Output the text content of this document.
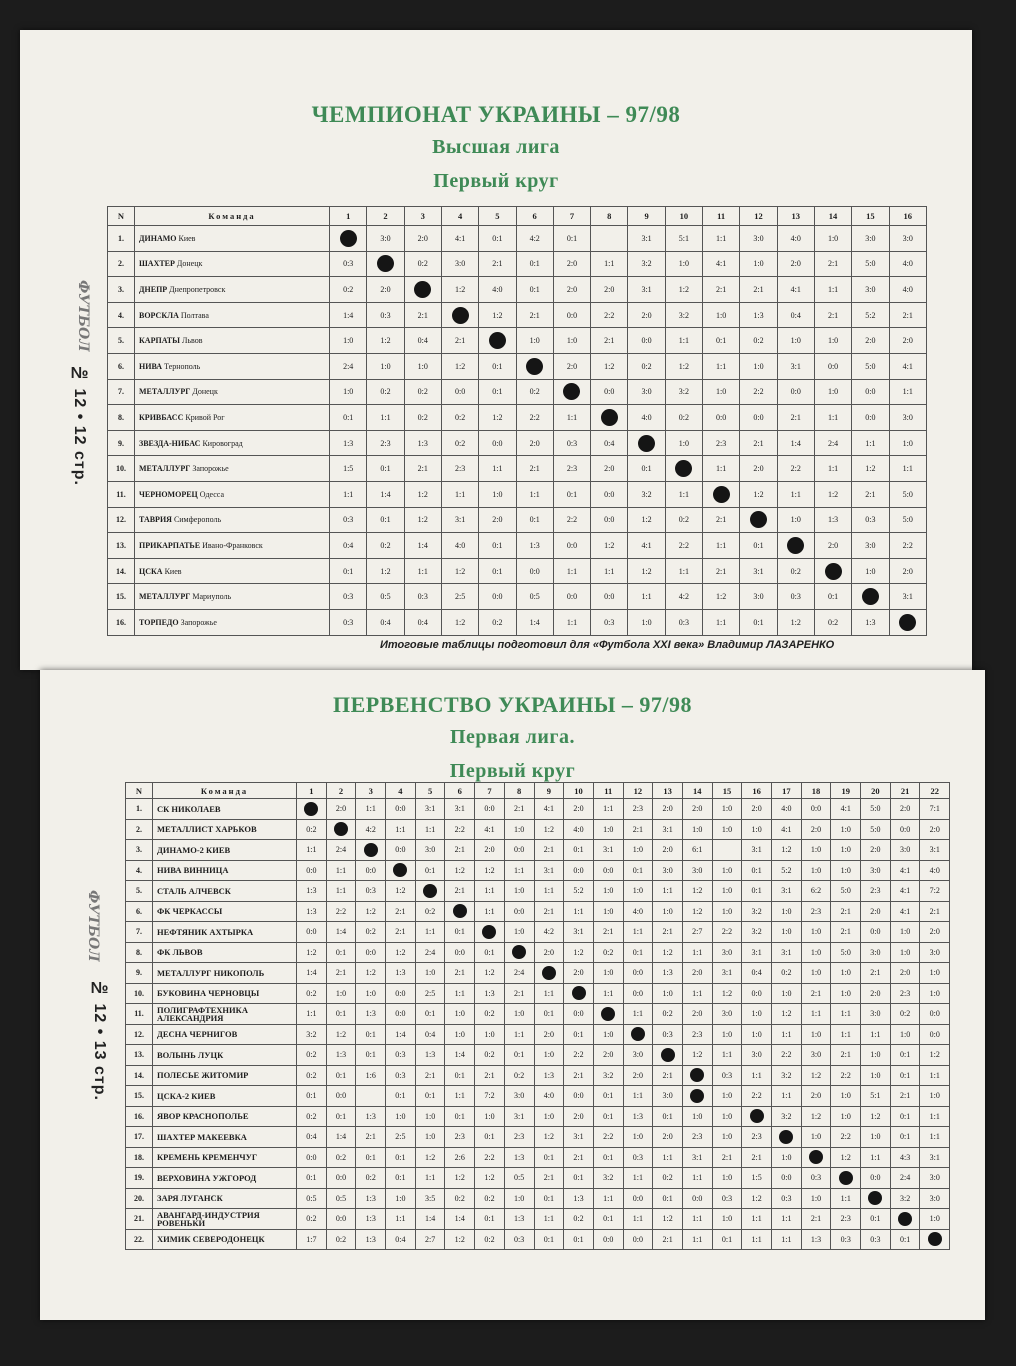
ФУТБОЛ
№ 12 • 12 стр.
ЧЕМПИОНАТ УКРАИНЫ – 97/98
Высшая лига
Первый круг
N	Команда	1	2	3	4	5	6	7	8	9	10	11	12	13	14	15	16
1.	ДИНАМО Киев		3:0	2:0	4:1	0:1	4:2	0:1		3:1	5:1	1:1	3:0	4:0	1:0	3:0	3:0
2.	ШАХТЕР Донецк	0:3		0:2	3:0	2:1	0:1	2:0	1:1	3:2	1:0	4:1	1:0	2:0	2:1	5:0	4:0
3.	ДНЕПР Днепропетровск	0:2	2:0		1:2	4:0	0:1	2:0	2:0	3:1	1:2	2:1	2:1	4:1	1:1	3:0	4:0
4.	ВОРСКЛА Полтава	1:4	0:3	2:1		1:2	2:1	0:0	2:2	2:0	3:2	1:0	1:3	0:4	2:1	5:2	2:1
5.	КАРПАТЫ Львов	1:0	1:2	0:4	2:1		1:0	1:0	2:1	0:0	1:1	0:1	0:2	1:0	1:0	2:0	2:0
6.	НИВА Тернополь	2:4	1:0	1:0	1:2	0:1		2:0	1:2	0:2	1:2	1:1	1:0	3:1	0:0	5:0	4:1
7.	МЕТАЛЛУРГ Донецк	1:0	0:2	0:2	0:0	0:1	0:2		0:0	3:0	3:2	1:0	2:2	0:0	1:0	0:0	1:1
8.	КРИВБАСС Кривой Рог	0:1	1:1	0:2	0:2	1:2	2:2	1:1		4:0	0:2	0:0	0:0	2:1	1:1	0:0	3:0
9.	ЗВЕЗДА-НИБАС Кировоград	1:3	2:3	1:3	0:2	0:0	2:0	0:3	0:4		1:0	2:3	2:1	1:4	2:4	1:1	1:0
10.	МЕТАЛЛУРГ Запорожье	1:5	0:1	2:1	2:3	1:1	2:1	2:3	2:0	0:1		1:1	2:0	2:2	1:1	1:2	1:1
11.	ЧЕРНОМОРЕЦ Одесса	1:1	1:4	1:2	1:1	1:0	1:1	0:1	0:0	3:2	1:1		1:2	1:1	1:2	2:1	5:0
12.	ТАВРИЯ Симферополь	0:3	0:1	1:2	3:1	2:0	0:1	2:2	0:0	1:2	0:2	2:1		1:0	1:3	0:3	5:0
13.	ПРИКАРПАТЬЕ Ивано-Франковск	0:4	0:2	1:4	4:0	0:1	1:3	0:0	1:2	4:1	2:2	1:1	0:1		2:0	3:0	2:2
14.	ЦСКА Киев	0:1	1:2	1:1	1:2	0:1	0:0	1:1	1:1	1:2	1:1	2:1	3:1	0:2		1:0	2:0
15.	МЕТАЛЛУРГ Мариуполь	0:3	0:5	0:3	2:5	0:0	0:5	0:0	0:0	1:1	4:2	1:2	3:0	0:3	0:1		3:1
16.	ТОРПЕДО Запорожье	0:3	0:4	0:4	1:2	0:2	1:4	1:1	0:3	1:0	0:3	1:1	0:1	1:2	0:2	1:3	
Итоговые таблицы подготовил для «Футбола XXI века» Владимир ЛАЗАРЕНКО
ФУТБОЛ
№ 12 • 13 стр.
ПЕРВЕНСТВО УКРАИНЫ – 97/98
Первая лига.
Первый круг
N	Команда	1	2	3	4	5	6	7	8	9	10	11	12	13	14	15	16	17	18	19	20	21	22
1.	СК НИКОЛАЕВ		2:0	1:1	0:0	3:1	3:1	0:0	2:1	4:1	2:0	1:1	2:3	2:0	2:0	1:0	2:0	4:0	0:0	4:1	5:0	2:0	7:1
2.	МЕТАЛЛИСТ ХАРЬКОВ	0:2		4:2	1:1	1:1	2:2	4:1	1:0	1:2	4:0	1:0	2:1	3:1	1:0	1:0	1:0	4:1	2:0	1:0	5:0	0:0	2:0
3.	ДИНАМО-2 КИЕВ	1:1	2:4		0:0	3:0	2:1	2:0	0:0	2:1	0:1	3:1	1:0	2:0	6:1		3:1	1:2	1:0	1:0	2:0	3:0	3:1
4.	НИВА ВИННИЦА	0:0	1:1	0:0		0:1	1:2	1:2	1:1	3:1	0:0	0:0	0:1	3:0	3:0	1:0	0:1	5:2	1:0	1:0	3:0	4:1	4:0
5.	СТАЛЬ АЛЧЕВСК	1:3	1:1	0:3	1:2		2:1	1:1	1:0	1:1	5:2	1:0	1:0	1:1	1:2	1:0	0:1	3:1	6:2	5:0	2:3	4:1	7:2
6.	ФК ЧЕРКАССЫ	1:3	2:2	1:2	2:1	0:2		1:1	0:0	2:1	1:1	1:0	4:0	1:0	1:2	1:0	3:2	1:0	2:3	2:1	2:0	4:1	2:1
7.	НЕФТЯНИК АХТЫРКА	0:0	1:4	0:2	2:1	1:1	0:1		1:0	4:2	3:1	2:1	1:1	2:1	2:7	2:2	3:2	1:0	1:0	2:1	0:0	1:0	2:0
8.	ФК ЛЬВОВ	1:2	0:1	0:0	1:2	2:4	0:0	0:1		2:0	1:2	0:2	0:1	1:2	1:1	3:0	3:1	3:1	1:0	5:0	3:0	1:0	3:0
9.	МЕТАЛЛУРГ НИКОПОЛЬ	1:4	2:1	1:2	1:3	1:0	2:1	1:2	2:4		2:0	1:0	0:0	1:3	2:0	3:1	0:4	0:2	1:0	1:0	2:1	2:0	1:0
10.	БУКОВИНА ЧЕРНОВЦЫ	0:2	1:0	1:0	0:0	2:5	1:1	1:3	2:1	1:1		1:1	0:0	1:0	1:1	1:2	0:0	1:0	2:1	1:0	2:0	2:3	1:0
11.	ПОЛИГРАФТЕХНИКА АЛЕКСАНДРИЯ	1:1	0:1	1:3	0:0	0:1	1:0	0:2	1:0	0:1	0:0		1:1	0:2	2:0	3:0	1:0	1:2	1:1	1:1	3:0	0:2	0:0
12.	ДЕСНА ЧЕРНИГОВ	3:2	1:2	0:1	1:4	0:4	1:0	1:0	1:1	2:0	0:1	1:0		0:3	2:3	1:0	1:0	1:1	1:0	1:1	1:1	1:0	0:0
13.	ВОЛЫНЬ ЛУЦК	0:2	1:3	0:1	0:3	1:3	1:4	0:2	0:1	1:0	2:2	2:0	3:0		1:2	1:1	3:0	2:2	3:0	2:1	1:0	0:1	1:2
14.	ПОЛЕСЬЕ ЖИТОМИР	0:2	0:1	1:6	0:3	2:1	0:1	2:1	0:2	1:3	2:1	3:2	2:0	2:1		0:3	1:1	3:2	1:2	2:2	1:0	0:1	1:1
15.	ЦСКА-2 КИЕВ	0:1	0:0		0:1	0:1	1:1	7:2	3:0	4:0	0:0	0:1	1:1	3:0		1:0	2:2	1:1	2:0	1:0	5:1	2:1	1:0
16.	ЯВОР КРАСНОПОЛЬЕ	0:2	0:1	1:3	1:0	1:0	0:1	1:0	3:1	1:0	2:0	0:1	1:3	0:1	1:0	1:0		3:2	1:2	1:0	1:2	0:1	1:1
17.	ШАХТЕР МАКЕЕВКА	0:4	1:4	2:1	2:5	1:0	2:3	0:1	2:3	1:2	3:1	2:2	1:0	2:0	2:3	1:0	2:3		1:0	2:2	1:0	0:1	1:1
18.	КРЕМЕНЬ КРЕМЕНЧУГ	0:0	0:2	0:1	0:1	1:2	2:6	2:2	1:3	0:1	2:1	0:1	0:3	1:1	3:1	2:1	2:1	1:0		1:2	1:1	4:3	3:1
19.	ВЕРХОВИНА УЖГОРОД	0:1	0:0	0:2	0:1	1:1	1:2	1:2	0:5	2:1	0:1	3:2	1:1	0:2	1:1	1:0	1:5	0:0	0:3		0:0	2:4	3:0
20.	ЗАРЯ ЛУГАНСК	0:5	0:5	1:3	1:0	3:5	0:2	0:2	1:0	0:1	1:3	1:1	0:0	0:1	0:0	0:3	1:2	0:3	1:0	1:1		3:2	3:0
21.	АВАНГАРД-ИНДУСТРИЯ РОВЕНЬКИ	0:2	0:0	1:3	1:1	1:4	1:4	0:1	1:3	1:1	0:2	0:1	1:1	1:2	1:1	1:0	1:1	1:1	2:1	2:3	0:1		1:0
22.	ХИМИК СЕВЕРОДОНЕЦК	1:7	0:2	1:3	0:4	2:7	1:2	0:2	0:3	0:1	0:1	0:0	0:0	2:1	1:1	0:1	1:1	1:1	1:3	0:3	0:3	0:1	
